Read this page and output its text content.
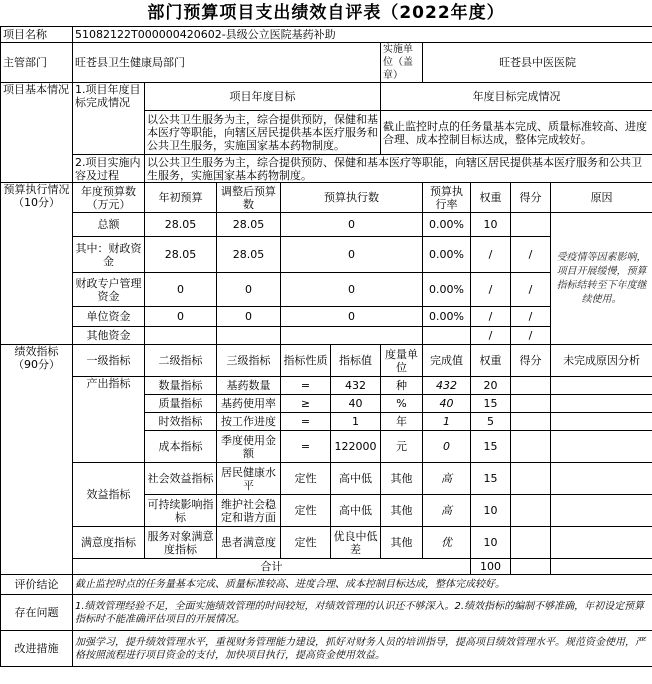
部门预算项目支出绩效自评表（2022年度）
项目名称	51082122T000000420602-县级公立医院基药补助									
主管部门	旺苍县卫生健康局部门					实施单位（盖章）	旺苍县中医医院			
项目基本情况	1.项目年度目标完成情况	项目年度目标				年度目标完成情况				
		以公共卫生服务为主，综合提供预防，保健和基本医疗等职能，向辖区居民提供基本医疗服务和公共卫生服务，实施国家基本药物制度。				截止监控时点的任务量基本完成、质量标准较高、进度合理、成本控制目标达成，整体完成较好。				
	2.项目实施内容及过程	以公共卫生服务为主，综合提供预防、保健和基本医疗等职能，向辖区居民提供基本医疗服务和公共卫生服务，实施国家基本药物制度。								
预算执行情况（10分）	年度预算数（万元）	年初预算	调整后预算数	预算执行数			预算执行率	权重	得分	原因
	总额	28.05	28.05	0			0.00%	10		受疫情等因素影响，项目开展缓慢，预算指标结转至下年度继续使用。
	其中：财政资金	28.05	28.05	0			0.00%	/	/	
	财政专户管理资金	0	0	0			0.00%	/	/	
	单位资金	0	0	0			0.00%	/	/	
	其他资金							/	/	
绩效指标（90分）	一级指标	二级指标	三级指标	指标性质	指标值	度量单位	完成值	权重	得分	未完成原因分析
	产出指标	数量指标	基药数量	=	432	种	432	20		
		质量指标	基药使用率	≥	40	%	40	15		
		时效指标	按工作进度	=	1	年	1	5		
		成本指标	季度使用金额	=	122000	元	0	15		
	效益指标	社会效益指标	居民健康水平	定性	高中低	其他	高	15		
		可持续影响指标	维护社会稳定和谐方面	定性	高中低	其他	高	10		
	满意度指标	服务对象满意度指标	患者满意度	定性	优良中低差	其他	优	10		
	合计							100		
评价结论	截止监控时点的任务量基本完成、质量标准较高、进度合理、成本控制目标达成，整体完成较好。									
存在问题	1.绩效管理经验不足，全面实施绩效管理的时间较短，对绩效管理的认识还不够深入。2.绩效指标的编制不够准确，年初设定预算指标时不能准确评估项目的开展情况。									
改进措施	加强学习，提升绩效管理水平，重视财务管理能力建设，抓好对财务人员的培训指导，提高项目绩效管理水平。规范资金使用，严格按照流程进行项目资金的支付，加快项目执行，提高资金使用效益。									
